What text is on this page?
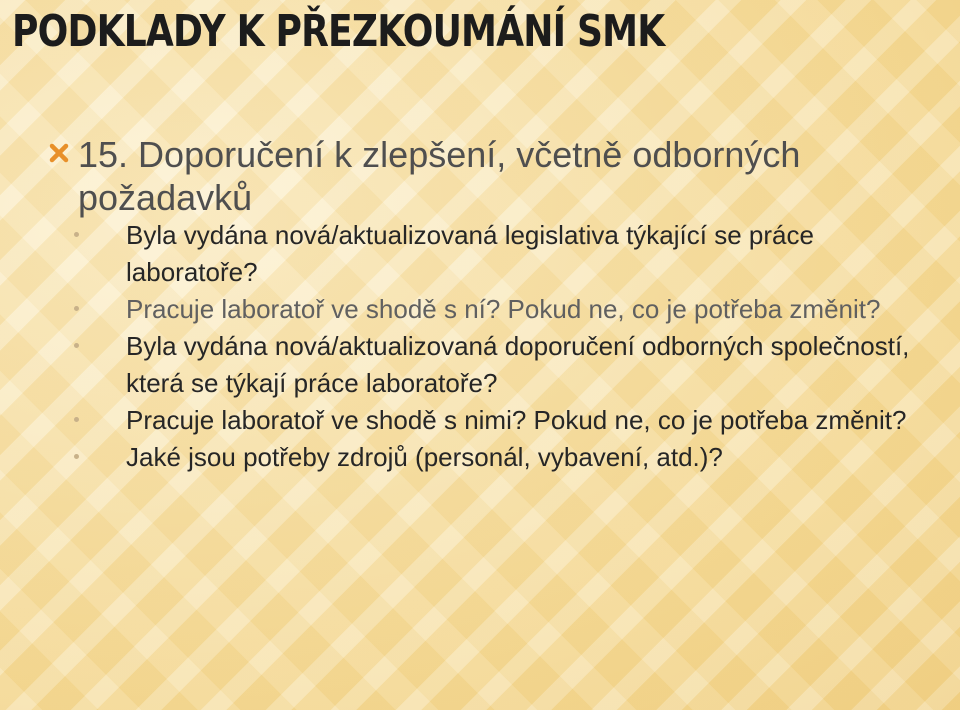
PODKLADY K PŘEZKOUMÁNÍ SMK
15. Doporučení k zlepšení, včetně odborných požadavků
Byla vydána nová/aktualizovaná legislativa týkající se práce laboratoře?
Pracuje laboratoř ve shodě s ní? Pokud ne, co je potřeba změnit?
Byla vydána nová/aktualizovaná doporučení odborných společností, která se týkají práce laboratoře?
Pracuje laboratoř ve shodě s nimi? Pokud ne, co je potřeba změnit?
Jaké jsou potřeby zdrojů (personál, vybavení, atd.)?
